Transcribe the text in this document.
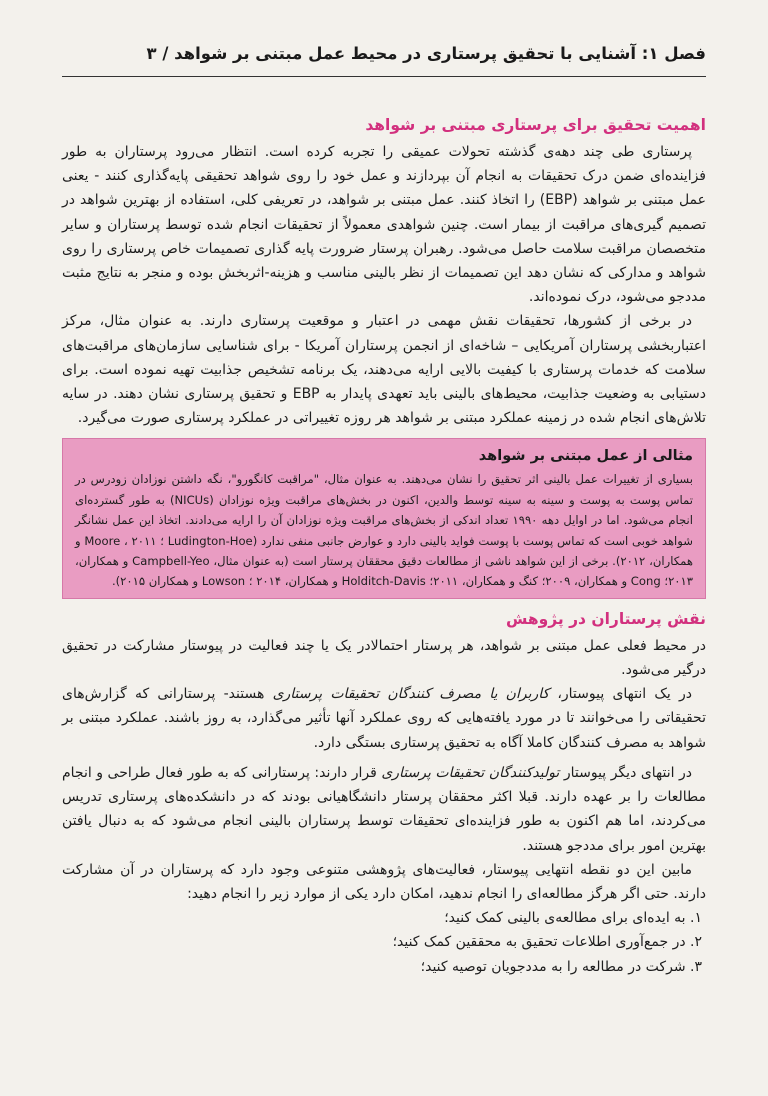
فصل ۱: آشنایی با تحقیق پرستاری در محیط عمل مبتنی بر شواهد / ۳
اهمیت تحقیق برای پرستاری مبتنی بر شواهد

پرستاری طی چند دهه‌ی گذشته تحولات عمیقی را تجربه کرده است. انتظار می‌رود پرستاران به طور فزاینده‌ای ضمن درک تحقیقات به انجام آن بپردازند و عمل خود را روی شواهد تحقیقی پایه‌گذاری کنند - یعنی عمل مبتنی بر شواهد (EBP) را اتخاذ کنند. عمل مبتنی بر شواهد، در تعریفی کلی، استفاده از بهترین شواهد در تصمیم گیری‌های مراقبت از بیمار است. چنین شواهدی معمولاً از تحقیقات انجام شده توسط پرستاران و سایر متخصصان مراقبت سلامت حاصل می‌شود. رهبران پرستار ضرورت پایه گذاری تصمیمات خاص پرستاری را روی شواهد و مدارکی که نشان دهد این تصمیمات از نظر بالینی مناسب و هزینه-اثربخش بوده و منجر به نتایج مثبت مددجو می‌شود، درک نموده‌اند.

در برخی از کشورها، تحقیقات نقش مهمی در اعتبار و موقعیت پرستاری دارند. به عنوان مثال، مرکز اعتباربخشی پرستاران آمریکایی – شاخه‌ای از انجمن پرستاران آمریکا - برای شناسایی سازمان‌های مراقبت‌های سلامت که خدمات پرستاری با کیفیت بالایی ارایه می‌دهند، یک برنامه تشخیص جذابیت تهیه نموده است. برای دستیابی به وضعیت جذابیت، محیط‌های بالینی باید تعهدی پایدار به EBP و تحقیق پرستاری نشان دهند. در سایه تلاش‌های انجام شده در زمینه عملکرد مبتنی بر شواهد هر روزه تغییراتی در عملکرد پرستاری صورت می‌گیرد.

مثالی از عمل مبتنی بر شواهد
بسیاری از تغییرات عمل بالینی اثر تحقیق را نشان می‌دهند. به عنوان مثال، "مراقبت کانگورو"، نگه داشتن نوزادان زودرس در تماس پوست به پوست و سینه به سینه توسط والدین، اکنون در بخش‌های مراقبت ویژه نوزادان (NICUs) به طور گسترده‌ای انجام می‌شود. اما در اوایل دهه ۱۹۹۰ تعداد اندکی از بخش‌های مراقبت ویژه نوزادان آن را ارایه می‌دادند. اتخاذ این عمل نشانگر شواهد خوبی است که تماس پوست با پوست فواید بالینی دارد و عوارض جانبی منفی ندارد (Ludington-Hoe ؛ ۲۰۱۱ ، Moore و همکاران، ۲۰۱۲). برخی از این شواهد ناشی از مطالعات دقیق محققان پرستار است (به عنوان مثال، Campbell-Yeo و همکاران، ۲۰۱۳؛ Cong و همکاران، ۲۰۰۹؛ کنگ و همکاران، ۲۰۱۱؛ Holditch-Davis و همکاران، ۲۰۱۴ ؛ Lowson و همکاران ۲۰۱۵).
نقش پرستاران در پژوهش

در محیط فعلی عمل مبتنی بر شواهد، هر پرستار احتمالادر یک یا چند فعالیت در پیوستار مشارکت در تحقیق درگیر می‌شود.

در یک انتهای پیوستار، کاربران یا مصرف کنندگان تحقیقات پرستاری هستند- پرستارانی که گزارش‌های تحقیقاتی را می‌خوانند تا در مورد یافته‌هایی که روی عملکرد آنها تأثیر می‌گذارد، به روز باشند. عملکرد مبتنی بر شواهد به مصرف کنندگان کاملا آگاه به تحقیق پرستاری بستگی دارد.

در انتهای دیگر پیوستار تولیدکنندگان تحقیقات پرستاری قرار دارند: پرستارانی که به طور فعال طراحی و انجام مطالعات را بر عهده دارند. قبلا اکثر محققان پرستار دانشگاهیانی بودند که در دانشکده‌های پرستاری تدریس می‌کردند، اما هم اکنون به طور فزاینده‌ای تحقیقات توسط پرستاران بالینی انجام می‌شود که به دنبال یافتن بهترین امور برای مددجو هستند.

مابین این دو نقطه انتهایی پیوستار، فعالیت‌های پژوهشی متنوعی وجود دارد که پرستاران در آن مشارکت دارند. حتی اگر هرگز مطالعه‌ای را انجام ندهید، امکان دارد یکی از موارد زیر را انجام دهید:

۱. به ایده‌ای برای مطالعه‌ی بالینی کمک کنید؛
۲. در جمع‌آوری اطلاعات تحقیق به محققین کمک کنید؛
۳. شرکت در مطالعه را به مددجویان توصیه کنید؛
